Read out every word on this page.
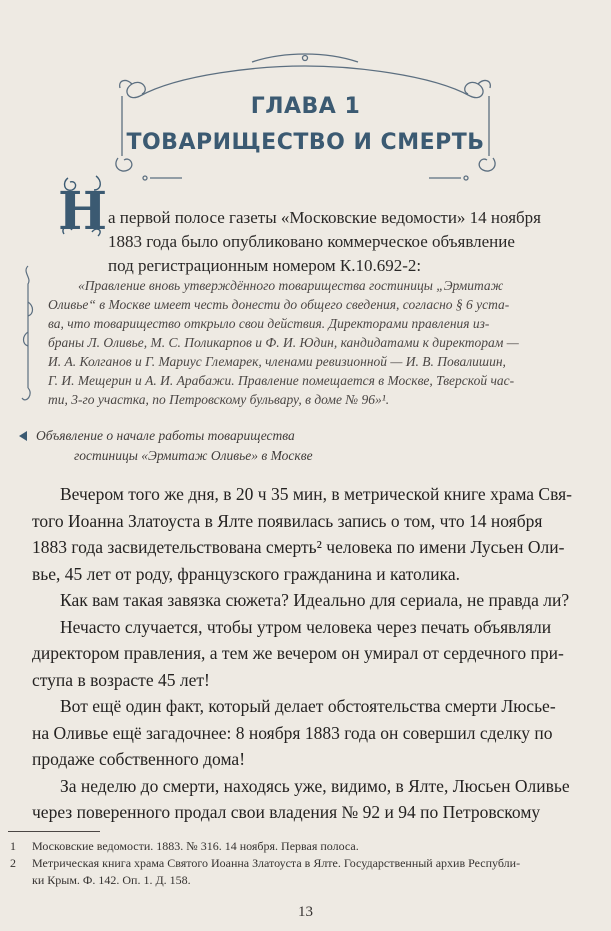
ГЛАВА 1
ТОВАРИЩЕСТВО И СМЕРТЬ
Н а первой полосе газеты «Московские ведомости» 14 ноября
1883 года было опубликовано коммерческое объявление
под регистрационным номером К.10.692-2:
«Правление вновь утверждённого товарищества гостиницы „Эрмитаж
Оливье“ в Москве имеет честь донести до общего сведения, согласно § 6 уста-
ва, что товарищество открыло свои действия. Директорами правления из-
браны Л. Оливье, М. С. Поликарпов и Ф. И. Юдин, кандидатами к директорам —
И. А. Колганов и Г. Мариус Глемарек, членами ревизионной — И. В. Повалишин,
Г. И. Мещерин и А. И. Арабажи. Правление помещается в Москве, Тверской час-
ти, 3-го участка, по Петровскому бульвару, в доме № 96»¹.
Объявление о начале работы товарищества
гостиницы «Эрмитаж Оливье» в Москве
Вечером того же дня, в 20 ч 35 мин, в метрической книге храма Свя-
того Иоанна Златоуста в Ялте появилась запись о том, что 14 ноября
1883 года засвидетельствована смерть² человека по имени Лусьен Оли-
вье, 45 лет от роду, французского гражданина и католика.
Как вам такая завязка сюжета? Идеально для сериала, не правда ли?
Нечасто случается, чтобы утром человека через печать объявляли
директором правления, а тем же вечером он умирал от сердечного при-
ступа в возрасте 45 лет!
Вот ещё один факт, который делает обстоятельства смерти Люсье-
на Оливье ещё загадочнее: 8 ноября 1883 года он совершил сделку по
продаже собственного дома!
За неделю до смерти, находясь уже, видимо, в Ялте, Люсьен Оливье
через поверенного продал свои владения № 92 и 94 по Петровскому
13
1 Московские ведомости. 1883. № 316. 14 ноября. Первая полоса.
2 Метрическая книга храма Святого Иоанна Златоуста в Ялте. Государственный архив Республи-
ки Крым. Ф. 142. Оп. 1. Д. 158.
